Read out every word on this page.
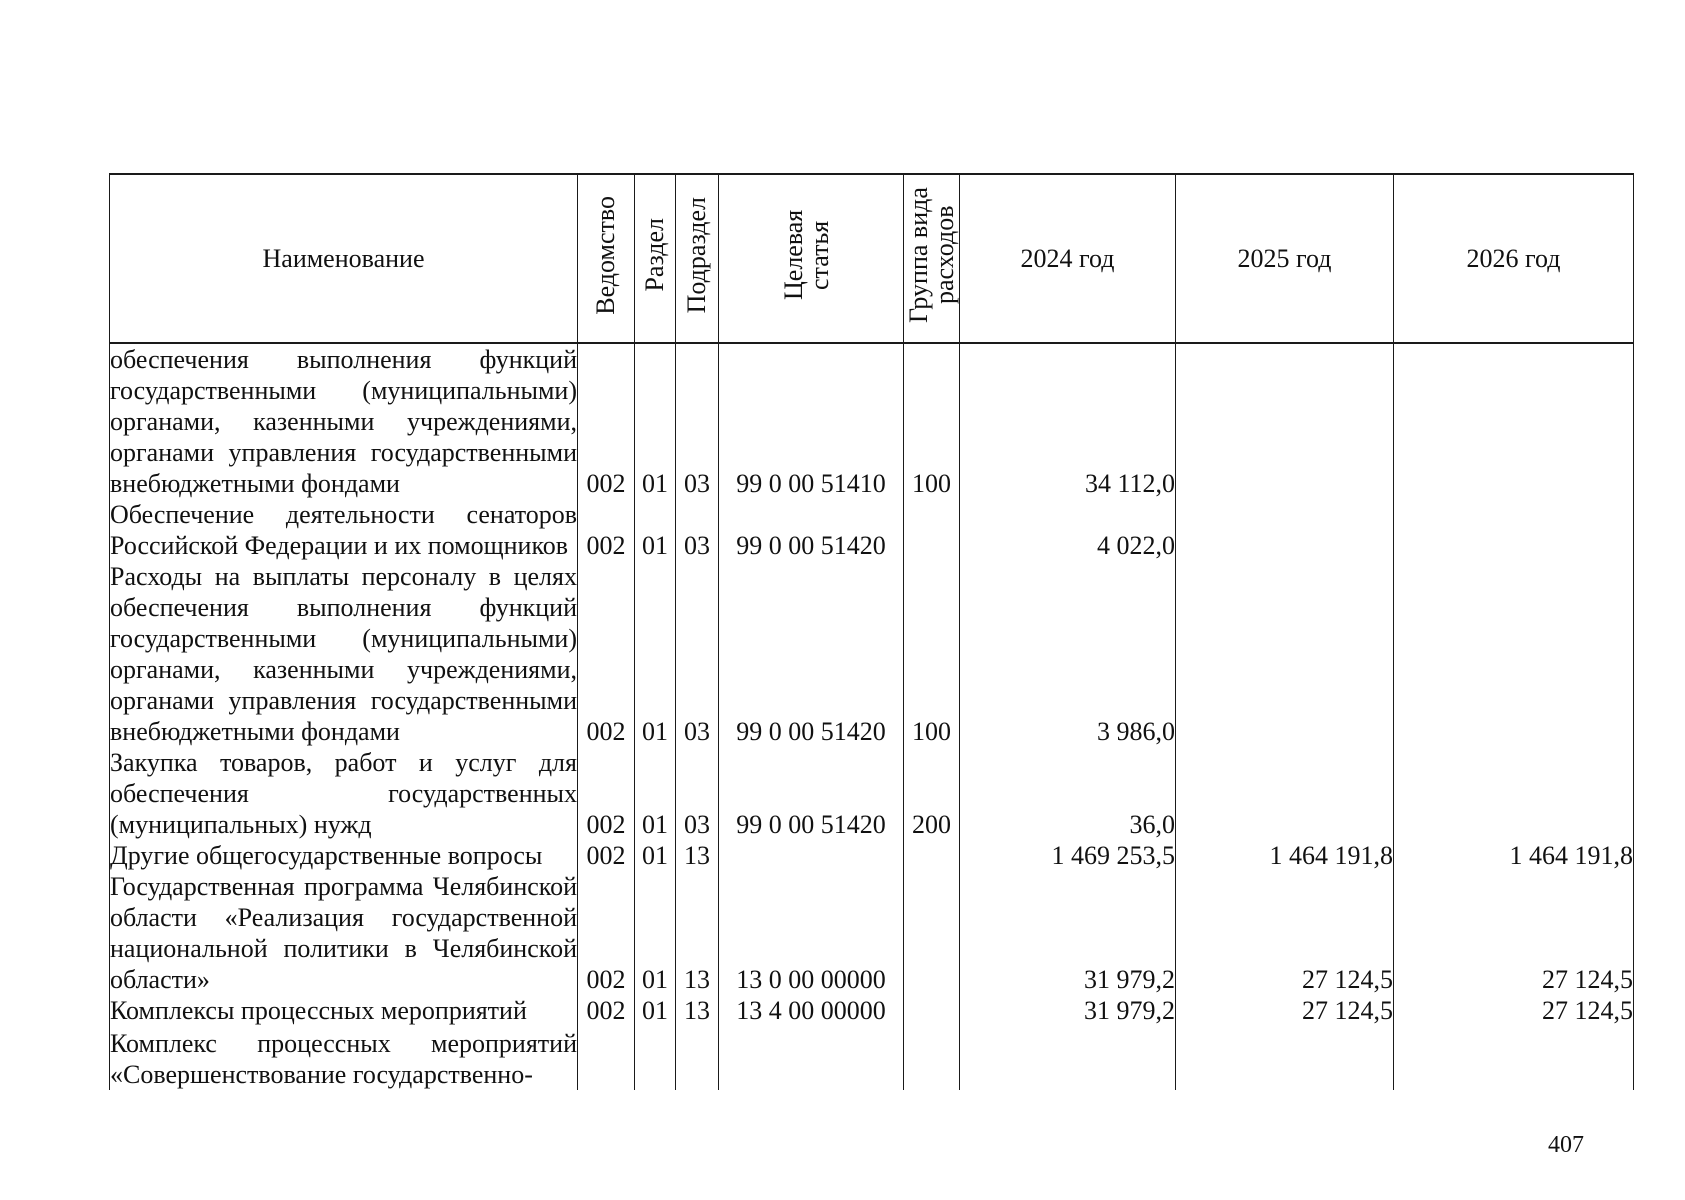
Наименование	Ведомство	Раздел	Подраздел	Целевая статья	Группа вида расходов	2024 год	2025 год	2026 год
обеспечения выполнения функций государственными (муниципальными) органами, казенными учреждениями, органами управления государственными внебюджетными фондами	002	01	03	99 0 00 51410	100	34 112,0		
Обеспечение деятельности сенаторов Российской Федерации и их помощников	002	01	03	99 0 00 51420		4 022,0		
Расходы на выплаты персоналу в целях обеспечения выполнения функций государственными (муниципальными) органами, казенными учреждениями, органами управления государственными внебюджетными фондами	002	01	03	99 0 00 51420	100	3 986,0		
Закупка товаров, работ и услуг для обеспечения государственных (муниципальных) нужд	002	01	03	99 0 00 51420	200	36,0		
Другие общегосударственные вопросы	002	01	13			1 469 253,5	1 464 191,8	1 464 191,8
Государственная программа Челябинской области «Реализация государственной национальной политики в Челябинской области»	002	01	13	13 0 00 00000		31 979,2	27 124,5	27 124,5
Комплексы процессных мероприятий	002	01	13	13 4 00 00000		31 979,2	27 124,5	27 124,5
Комплекс процессных мероприятий «Совершенствование государственно-								
407
